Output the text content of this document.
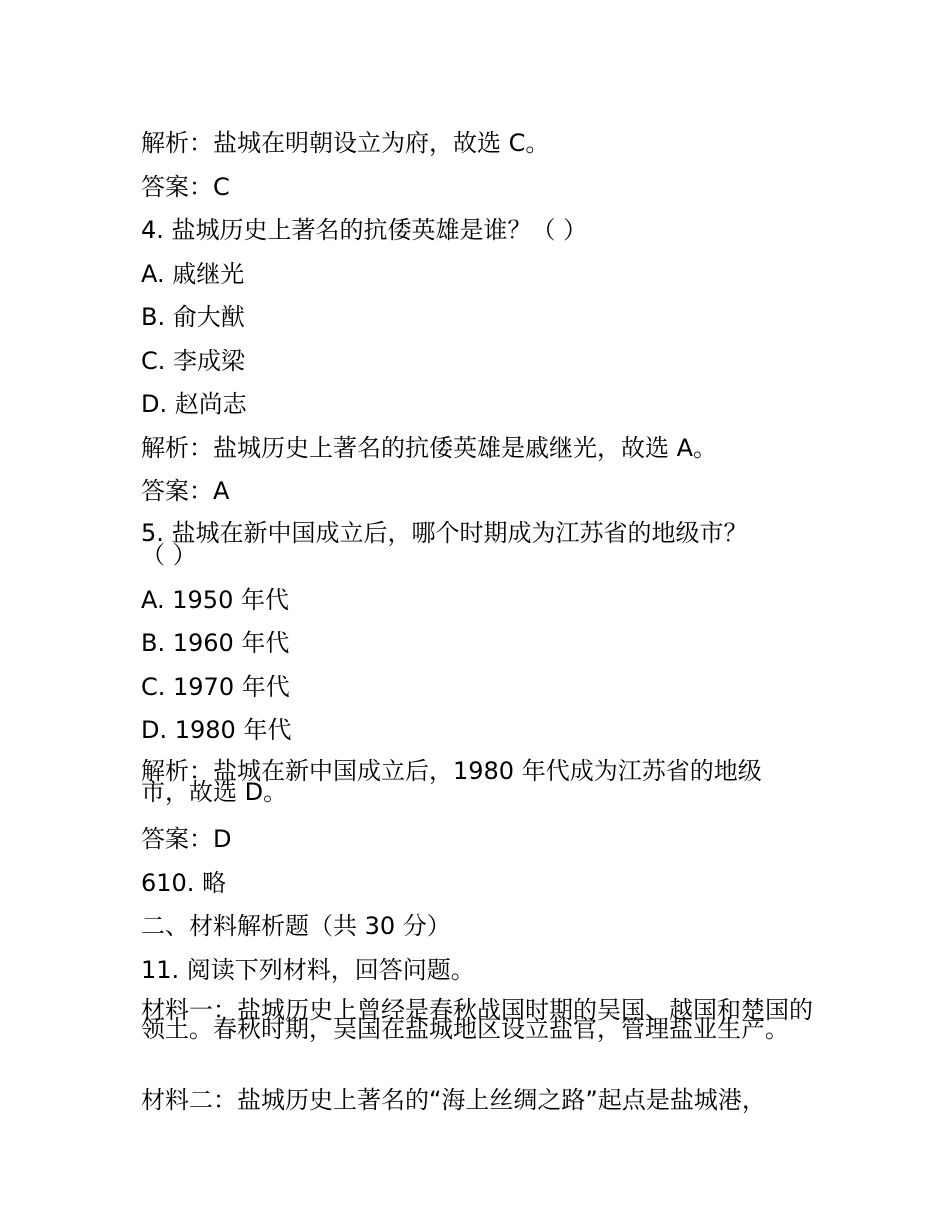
解析：盐城在明朝设立为府，故选 C。
答案：C
4. 盐城历史上著名的抗倭英雄是谁？（ ）
A. 戚继光
B. 俞大猷
C. 李成梁
D. 赵尚志
解析：盐城历史上著名的抗倭英雄是戚继光，故选 A。
答案：A
5. 盐城在新中国成立后，哪个时期成为江苏省的地级市？（ ）
A. 1950 年代
B. 1960 年代
C. 1970 年代
D. 1980 年代
解析：盐城在新中国成立后，1980 年代成为江苏省的地级市，故选 D。
答案：D
610. 略
二、材料解析题（共 30 分）
11. 阅读下列材料，回答问题。
材料一：盐城历史上曾经是春秋战国时期的吴国、越国和楚国的领土。春秋时期，吴国在盐城地区设立盐官，管理盐业生产。
材料二：盐城历史上著名的“海上丝绸之路”起点是盐城港，
